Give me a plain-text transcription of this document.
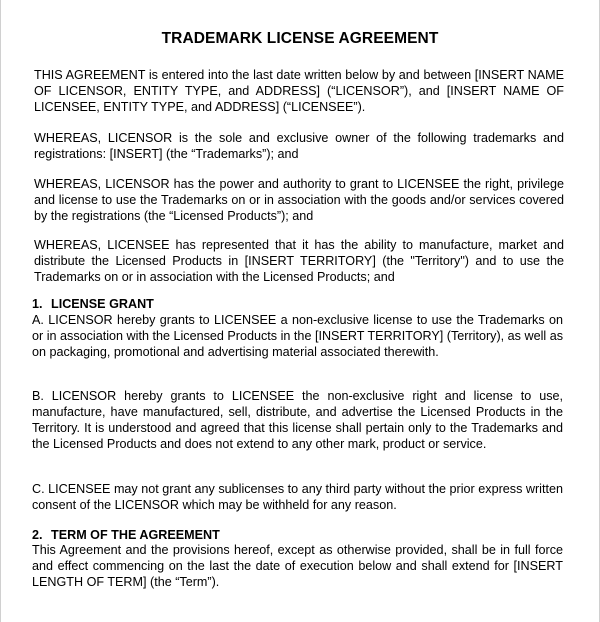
TRADEMARK LICENSE AGREEMENT
THIS AGREEMENT is entered into the last date written below by and between [INSERT NAME OF LICENSOR, ENTITY TYPE, and ADDRESS] (“LICENSOR”), and [INSERT NAME OF LICENSEE, ENTITY TYPE, and ADDRESS] (“LICENSEE”).
WHEREAS, LICENSOR is the sole and exclusive owner of the following trademarks and registrations: [INSERT] (the “Trademarks”); and
WHEREAS, LICENSOR has the power and authority to grant to LICENSEE the right, privilege and license to use the Trademarks on or in association with the goods and/or services covered by the registrations (the “Licensed Products”); and
WHEREAS, LICENSEE has represented that it has the ability to manufacture, market and distribute the Licensed Products in [INSERT TERRITORY] (the "Territory") and to use the Trademarks on or in association with the Licensed Products; and
1. LICENSE GRANT
A. LICENSOR hereby grants to LICENSEE a non-exclusive license to use the Trademarks on or in association with the Licensed Products in the [INSERT TERRITORY] (Territory), as well as on packaging, promotional and advertising material associated therewith.
B. LICENSOR hereby grants to LICENSEE the non-exclusive right and license to use, manufacture, have manufactured, sell, distribute, and advertise the Licensed Products in the Territory. It is understood and agreed that this license shall pertain only to the Trademarks and the Licensed Products and does not extend to any other mark, product or service.
C. LICENSEE may not grant any sublicenses to any third party without the prior express written consent of the LICENSOR which may be withheld for any reason.
2. TERM OF THE AGREEMENT
This Agreement and the provisions hereof, except as otherwise provided, shall be in full force and effect commencing on the last the date of execution below and shall extend for [INSERT LENGTH OF TERM] (the “Term”).
